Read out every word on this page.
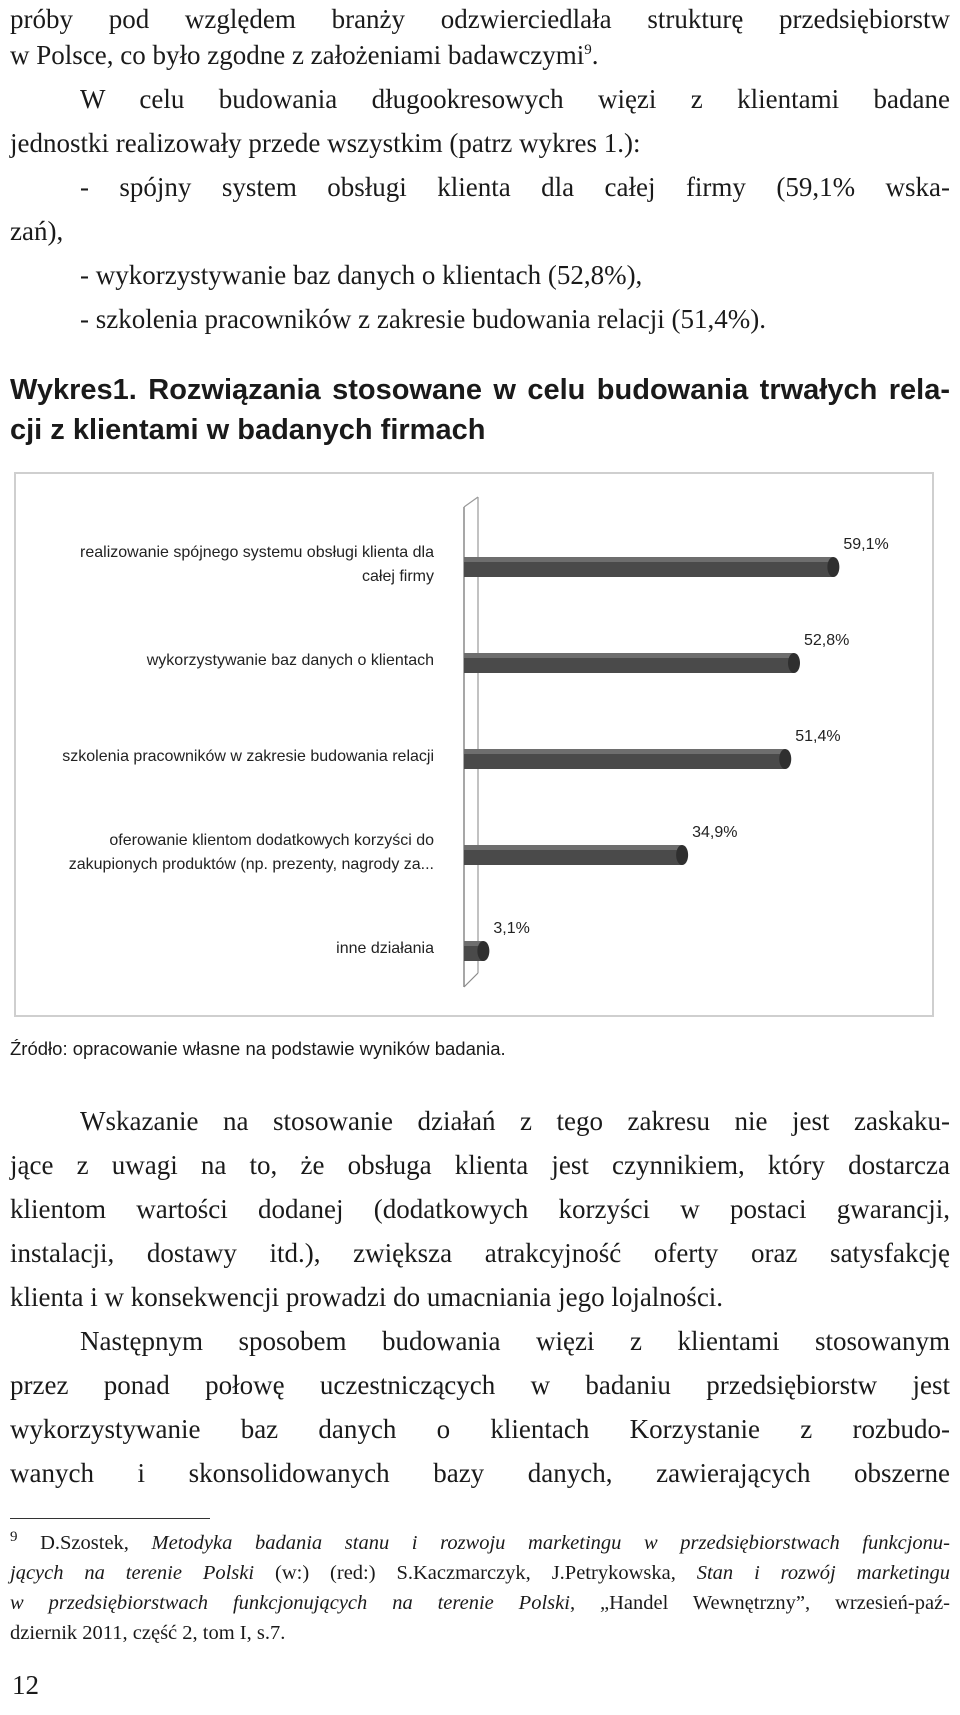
próby pod względem branży odzwierciedlała strukturę przedsiębiorstw
w Polsce, co było zgodne z założeniami badawczymi$^9$.
W celu budowania długookresowych więzi z klientami badane
jednostki realizowały przede wszystkim (patrz wykres 1.):
- spójny system obsługi klienta dla całej firmy (59,1% wska-
zań),
- wykorzystywanie baz danych o klientach (52,8%),
- szkolenia pracowników z zakresie budowania relacji (51,4%).
Wykres1. Rozwiązania stosowane w celu budowania trwałych rela-
cji z klientami w badanych firmach
59,1%
realizowanie spójnego systemu obsługi klienta dla
całej firmy
52,8%
wykorzystywanie baz danych o klientach
51,4%
szkolenia pracowników w zakresie budowania relacji
34,9%
oferowanie klientom dodatkowych korzyści do
zakupionych produktów (np. prezenty, nagrody za...
3,1%
inne działania
Źródło: opracowanie własne na podstawie wyników badania.
Wskazanie na stosowanie działań z tego zakresu nie jest zaskaku-
jące z uwagi na to, że obsługa klienta jest czynnikiem, który dostarcza
klientom wartości dodanej (dodatkowych korzyści w postaci gwarancji,
instalacji, dostawy itd.), zwiększa atrakcyjność oferty oraz satysfakcję
klienta i w konsekwencji prowadzi do umacniania jego lojalności.
Następnym sposobem budowania więzi z klientami stosowanym
przez ponad połowę uczestniczących w badaniu przedsiębiorstw jest
wykorzystywanie baz danych o klientach Korzystanie z rozbudo-
wanych i skonsolidowanych bazy danych, zawierających obszerne
$^9$ D.Szostek, Metodyka badania stanu i rozwoju marketingu w przedsiębiorstwach funkcjonu-
jących na terenie Polski (w:) (red:) S.Kaczmarczyk, J.Petrykowska, Stan i rozwój marketingu
w przedsiębiorstwach funkcjonujących na terenie Polski, „Handel Wewnętrzny”, wrzesień-paź-
dziernik 2011, część 2, tom I, s.7.
12
